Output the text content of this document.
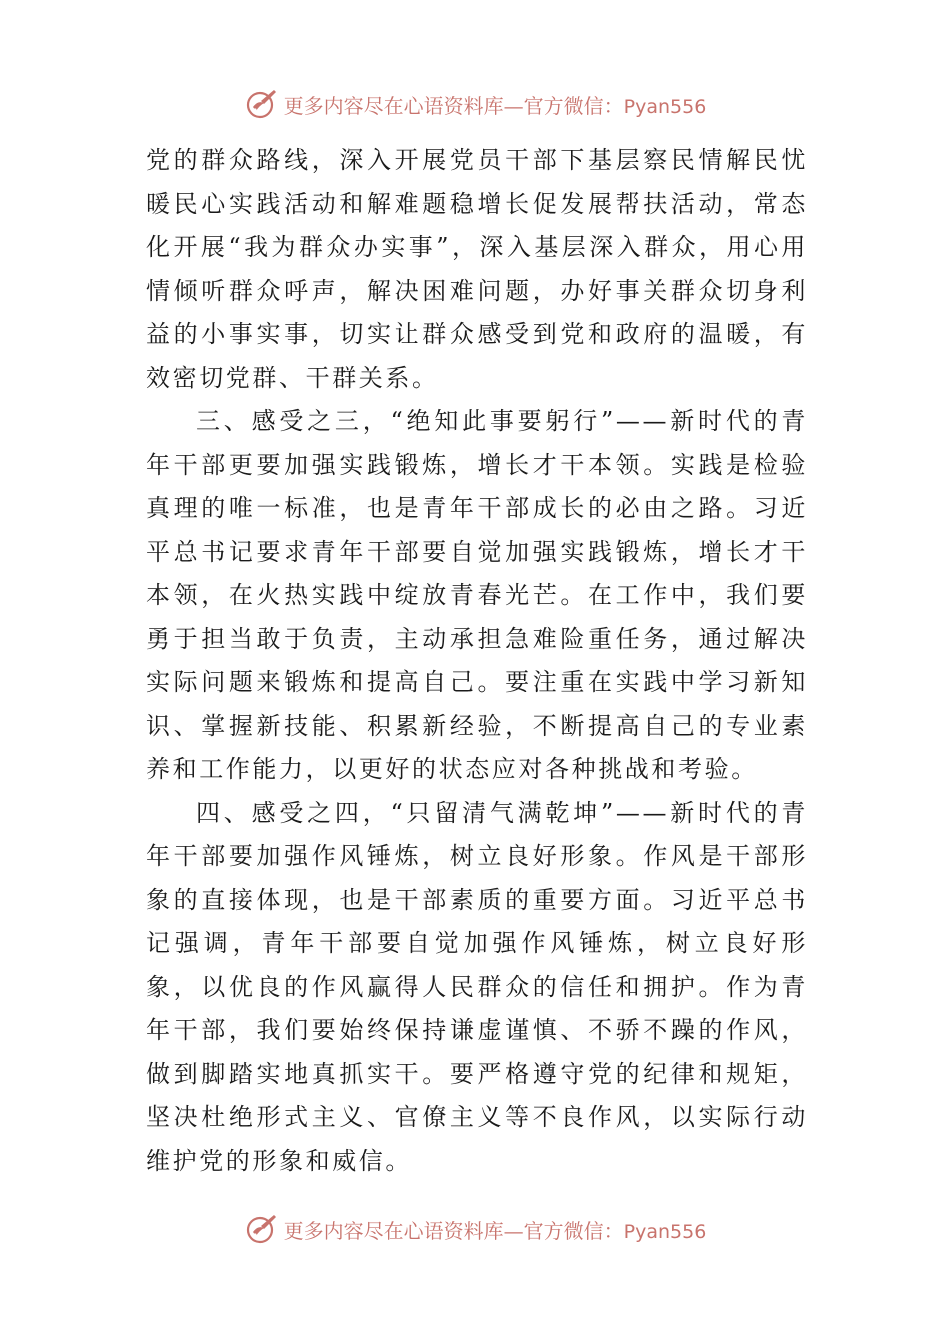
更多内容尽在心语资料库—官方微信：Pyan556

党的群众路线，深入开展党员干部下基层察民情解民忧暖民心实践活动和解难题稳增长促发展帮扶活动，常态化开展“我为群众办实事”，深入基层深入群众，用心用情倾听群众呼声，解决困难问题，办好事关群众切身利益的小事实事，切实让群众感受到党和政府的温暖，有效密切党群、干群关系。

三、感受之三，“绝知此事要躬行”——新时代的青年干部更要加强实践锻炼，增长才干本领。实践是检验真理的唯一标准，也是青年干部成长的必由之路。习近平总书记要求青年干部要自觉加强实践锻炼，增长才干本领，在火热实践中绽放青春光芒。在工作中，我们要勇于担当敢于负责，主动承担急难险重任务，通过解决实际问题来锻炼和提高自己。要注重在实践中学习新知识、掌握新技能、积累新经验，不断提高自己的专业素养和工作能力，以更好的状态应对各种挑战和考验。

四、感受之四，“只留清气满乾坤”——新时代的青年干部要加强作风锤炼，树立良好形象。作风是干部形象的直接体现，也是干部素质的重要方面。习近平总书记强调，青年干部要自觉加强作风锤炼，树立良好形象，以优良的作风赢得人民群众的信任和拥护。作为青年干部，我们要始终保持谦虚谨慎、不骄不躁的作风，做到脚踏实地真抓实干。要严格遵守党的纪律和规矩，坚决杜绝形式主义、官僚主义等不良作风，以实际行动维护党的形象和威信。

更多内容尽在心语资料库—官方微信：Pyan556
